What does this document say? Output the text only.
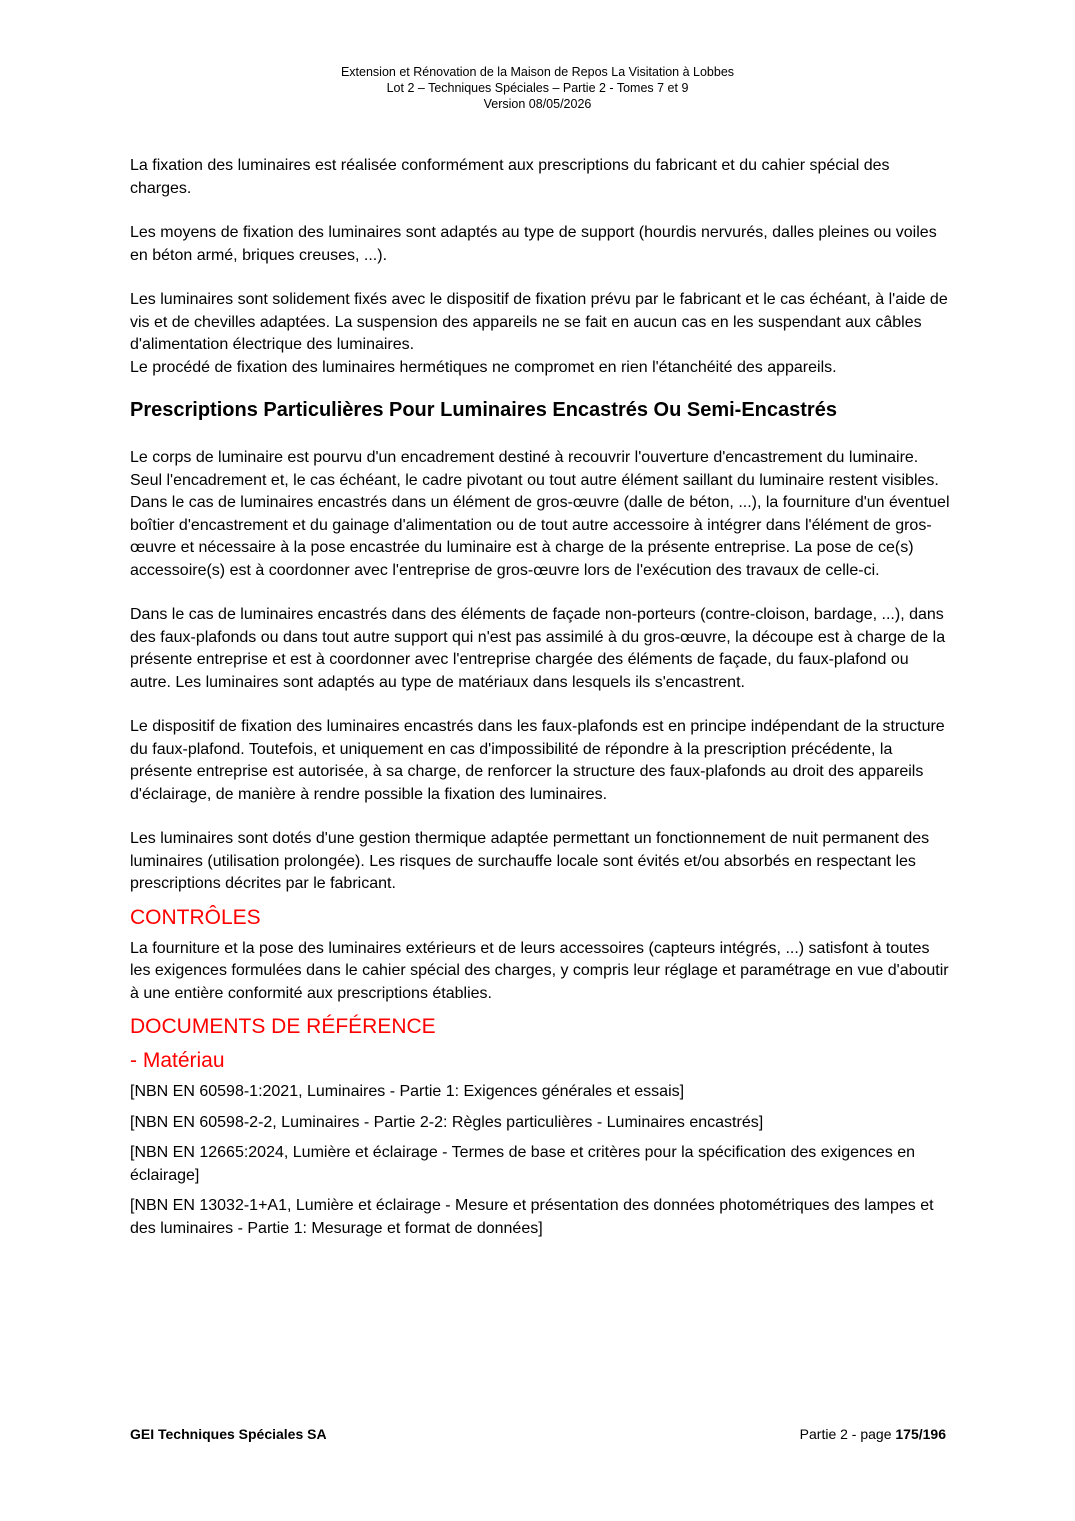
Extension et Rénovation de la Maison de Repos La Visitation à Lobbes
Lot 2 – Techniques Spéciales – Partie 2 - Tomes 7 et 9
Version 08/05/2026

La fixation des luminaires est réalisée conformément aux prescriptions du fabricant et du cahier spécial des charges.

Les moyens de fixation des luminaires sont adaptés au type de support (hourdis nervurés, dalles pleines ou voiles en béton armé, briques creuses, ...).

Les luminaires sont solidement fixés avec le dispositif de fixation prévu par le fabricant et le cas échéant, à l'aide de vis et de chevilles adaptées. La suspension des appareils ne se fait en aucun cas en les suspendant aux câbles d'alimentation électrique des luminaires.

Le procédé de fixation des luminaires hermétiques ne compromet en rien l'étanchéité des appareils.

Prescriptions Particulières Pour Luminaires Encastrés Ou Semi-Encastrés

Le corps de luminaire est pourvu d'un encadrement destiné à recouvrir l'ouverture d'encastrement du luminaire. Seul l'encadrement et, le cas échéant, le cadre pivotant ou tout autre élément saillant du luminaire restent visibles.

Dans le cas de luminaires encastrés dans un élément de gros-œuvre (dalle de béton, ...), la fourniture d'un éventuel boîtier d'encastrement et du gainage d'alimentation ou de tout autre accessoire à intégrer dans l'élément de gros-œuvre et nécessaire à la pose encastrée du luminaire est à charge de la présente entreprise. La pose de ce(s) accessoire(s) est à coordonner avec l'entreprise de gros-œuvre lors de l'exécution des travaux de celle-ci.

Dans le cas de luminaires encastrés dans des éléments de façade non-porteurs (contre-cloison, bardage, ...), dans des faux-plafonds ou dans tout autre support qui n'est pas assimilé à du gros-œuvre, la découpe est à charge de la présente entreprise et est à coordonner avec l'entreprise chargée des éléments de façade, du faux-plafond ou autre. Les luminaires sont adaptés au type de matériaux dans lesquels ils s'encastrent.

Le dispositif de fixation des luminaires encastrés dans les faux-plafonds est en principe indépendant de la structure du faux-plafond. Toutefois, et uniquement en cas d'impossibilité de répondre à la prescription précédente, la présente entreprise est autorisée, à sa charge, de renforcer la structure des faux-plafonds au droit des appareils d'éclairage, de manière à rendre possible la fixation des luminaires.

Les luminaires sont dotés d'une gestion thermique adaptée permettant un fonctionnement de nuit permanent des luminaires (utilisation prolongée). Les risques de surchauffe locale sont évités et/ou absorbés en respectant les prescriptions décrites par le fabricant.

CONTRÔLES

La fourniture et la pose des luminaires extérieurs et de leurs accessoires (capteurs intégrés, ...) satisfont à toutes les exigences formulées dans le cahier spécial des charges, y compris leur réglage et paramétrage en vue d'aboutir à une entière conformité aux prescriptions établies.

DOCUMENTS DE RÉFÉRENCE
- Matériau

[NBN EN 60598-1:2021, Luminaires - Partie 1: Exigences générales et essais]

[NBN EN 60598-2-2, Luminaires - Partie 2-2: Règles particulières - Luminaires encastrés]

[NBN EN 12665:2024, Lumière et éclairage - Termes de base et critères pour la spécification des exigences en éclairage]

[NBN EN 13032-1+A1, Lumière et éclairage - Mesure et présentation des données photométriques des lampes et des luminaires - Partie 1: Mesurage et format de données]

GEI Techniques Spéciales SA	Partie 2 - page 175/196
